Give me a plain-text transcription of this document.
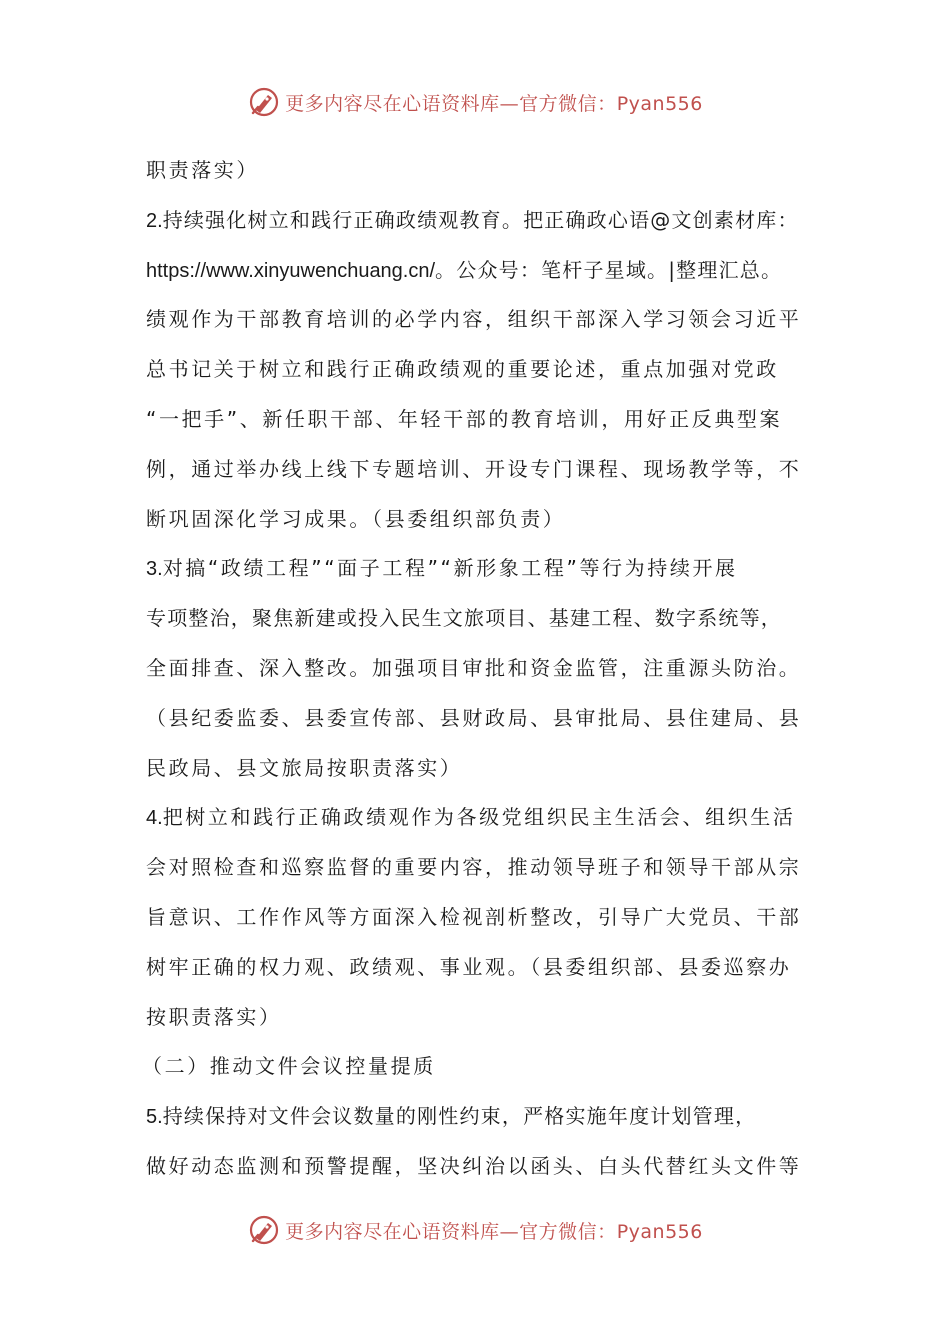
更多内容尽在心语资料库—官方微信：Pyan556
职责落实）
2.持续强化树立和践行正确政绩观教育。把正确政心语@文创素材库：
https://www.xinyuwenchuang.cn/。公众号：笔杆子星域。|整理汇总。
绩观作为干部教育培训的必学内容，组织干部深入学习领会习近平
总书记关于树立和践行正确政绩观的重要论述，重点加强对党政
“一把手”、新任职干部、年轻干部的教育培训，用好正反典型案
例，通过举办线上线下专题培训、开设专门课程、现场教学等，不
断巩固深化学习成果。（县委组织部负责）
3.对搞“政绩工程”“面子工程”“新形象工程”等行为持续开展
专项整治，聚焦新建或投入民生文旅项目、基建工程、数字系统等，
全面排查、深入整改。加强项目审批和资金监管，注重源头防治。
（县纪委监委、县委宣传部、县财政局、县审批局、县住建局、县
民政局、县文旅局按职责落实）
4.把树立和践行正确政绩观作为各级党组织民主生活会、组织生活
会对照检查和巡察监督的重要内容，推动领导班子和领导干部从宗
旨意识、工作作风等方面深入检视剖析整改，引导广大党员、干部
树牢正确的权力观、政绩观、事业观。（县委组织部、县委巡察办
按职责落实）
（二）推动文件会议控量提质
5.持续保持对文件会议数量的刚性约束，严格实施年度计划管理，
做好动态监测和预警提醒，坚决纠治以函头、白头代替红头文件等
更多内容尽在心语资料库—官方微信：Pyan556
